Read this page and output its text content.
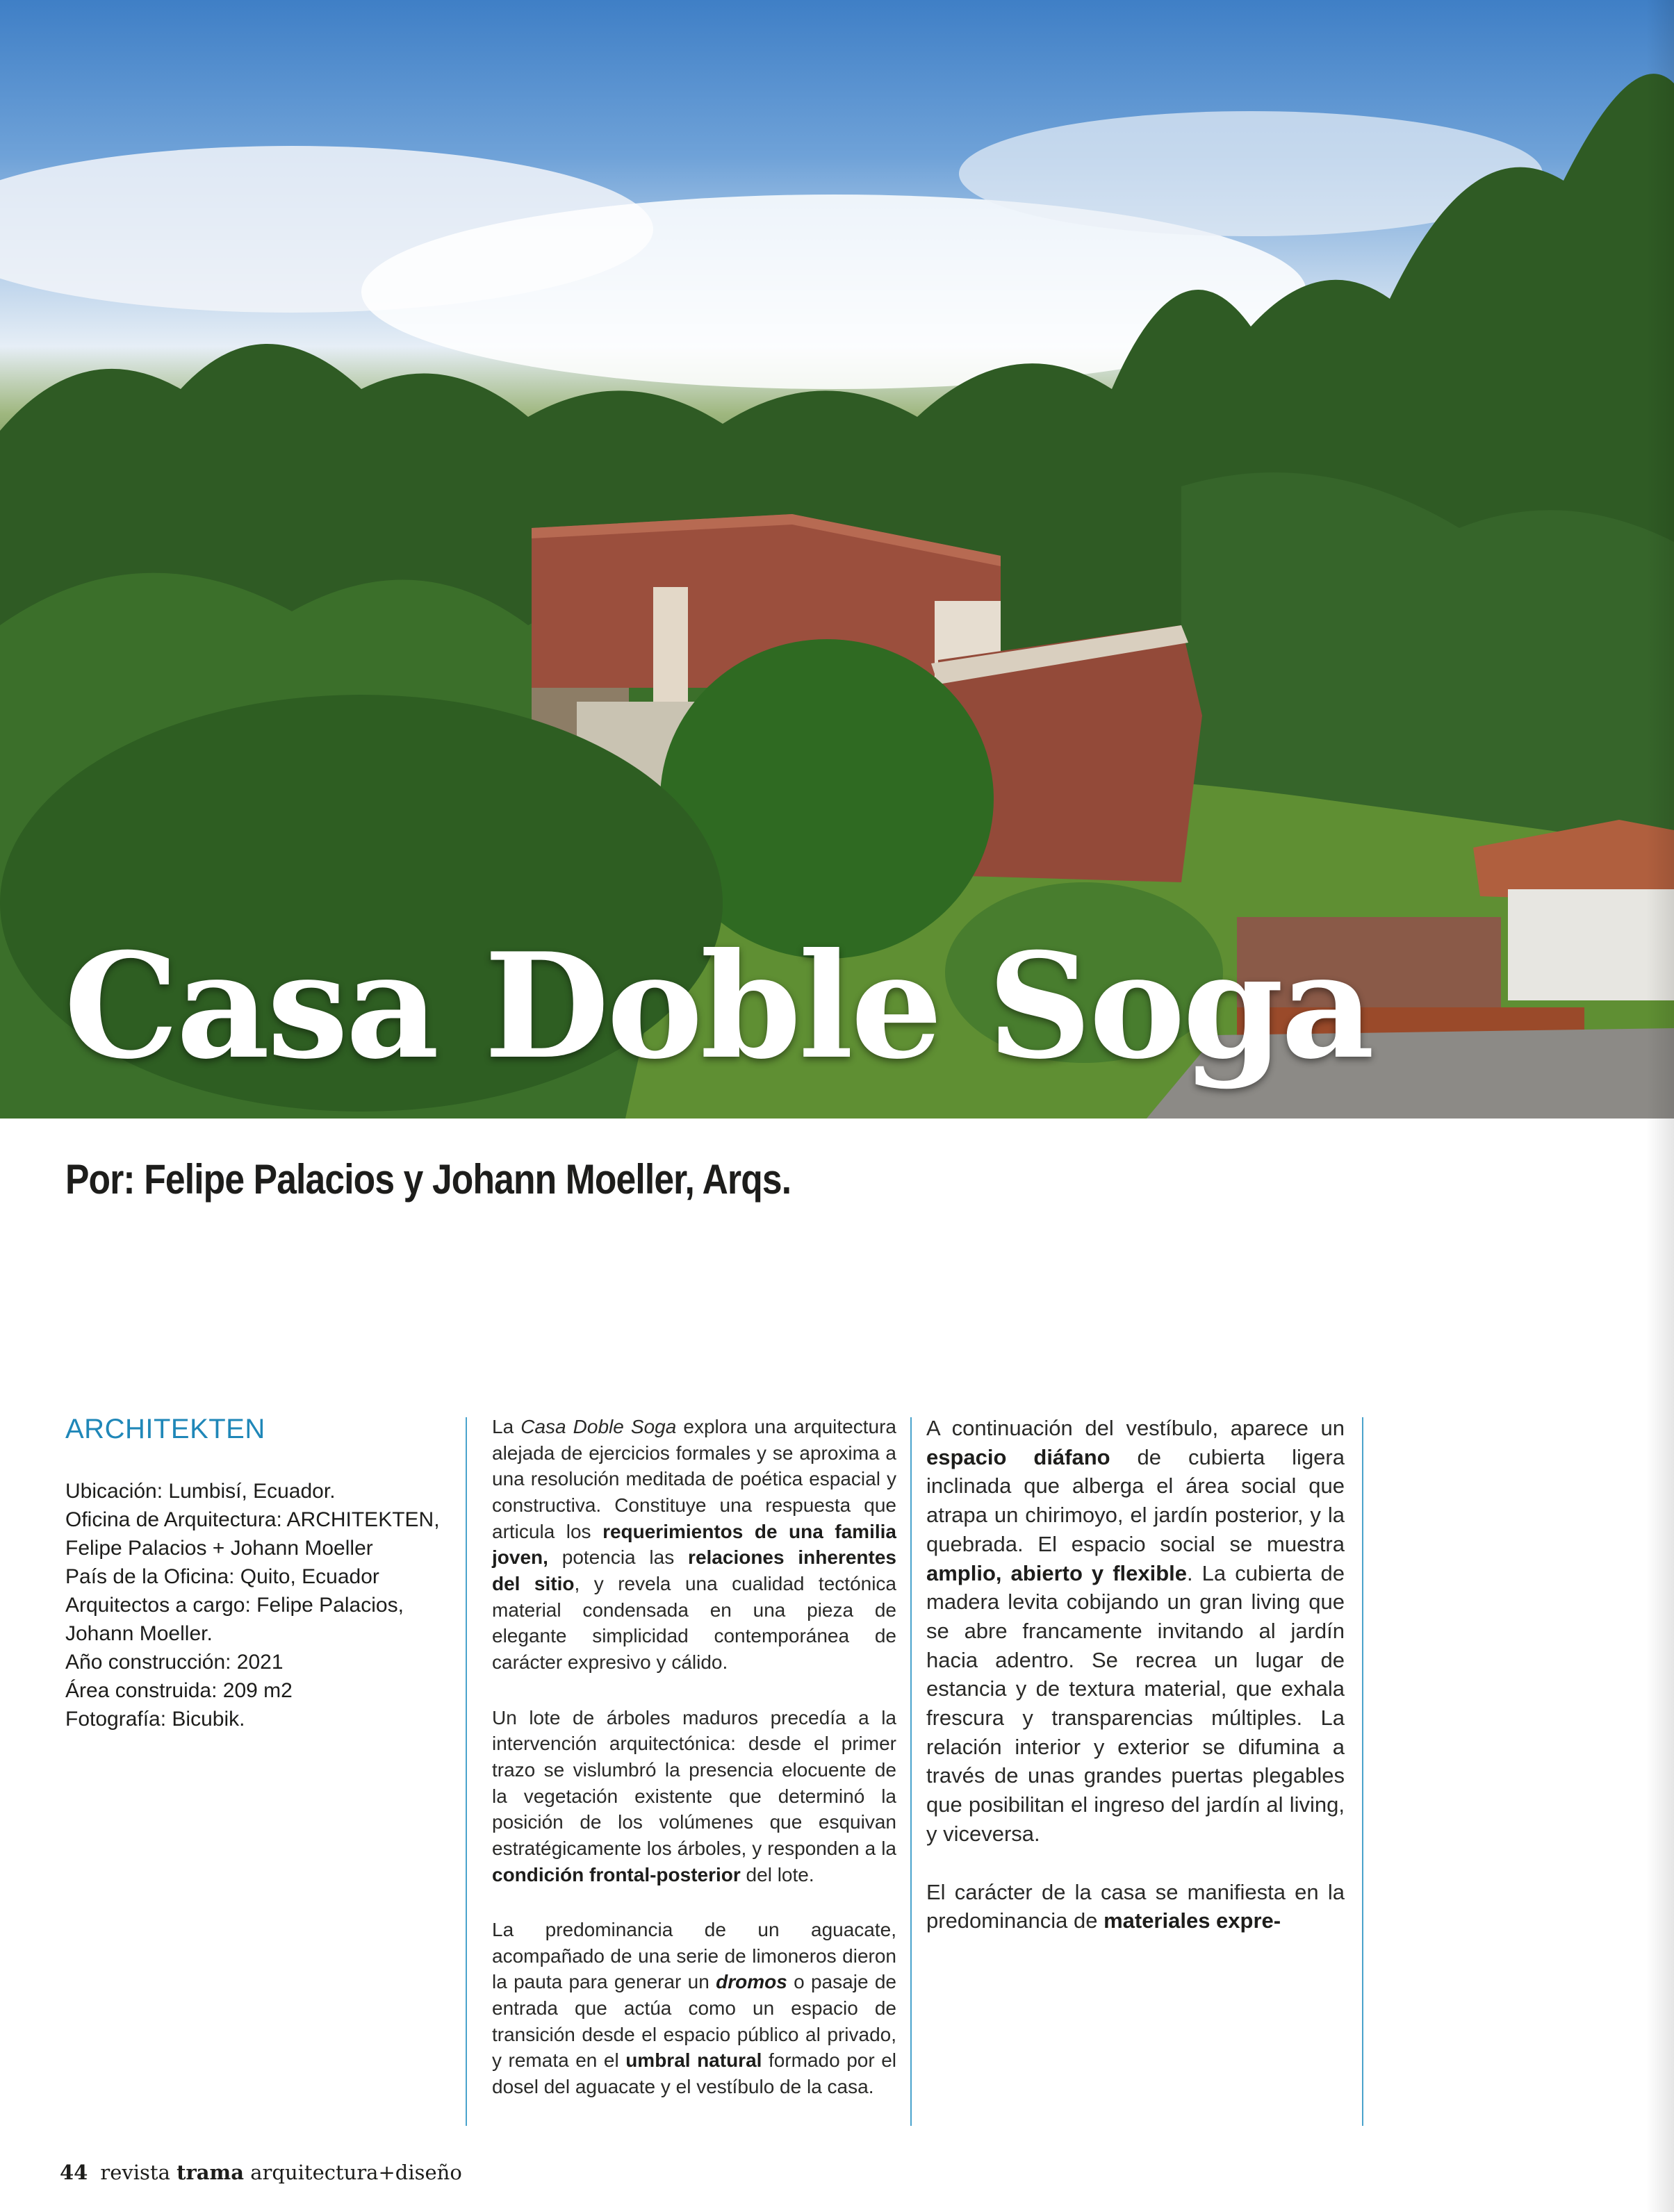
Casa Doble Soga
Por: Felipe Palacios y Johann Moeller, Arqs.
ARCHITEKTEN
Ubicación: Lumbisí, Ecuador.
Oficina de Arquitectura: ARCHITEKTEN,
Felipe Palacios + Johann Moeller
País de la Oficina: Quito, Ecuador
Arquitectos a cargo: Felipe Palacios,
Johann Moeller.
Año construcción: 2021
Área construida: 209 m2
Fotografía: Bicubik.

La Casa Doble Soga explora una arquitectura alejada de ejercicios formales y se aproxima a una resolución meditada de poética espacial y constructiva. Constituye una respuesta que articula los requerimientos de una familia joven, potencia las relaciones inherentes del sitio, y revela una cualidad tectónica material condensada en una pieza de elegante simplicidad contemporánea de carácter expresivo y cálido.

Un lote de árboles maduros precedía a la intervención arquitectónica: desde el primer trazo se vislumbró la presencia elocuente de la vegetación existente que determinó la posición de los volúmenes que esquivan estratégicamente los árboles, y responden a la condición frontal-posterior del lote.

La predominancia de un aguacate, acompañado de una serie de limoneros dieron la pauta para generar un dromos o pasaje de entrada que actúa como un espacio de transición desde el espacio público al privado, y remata en el umbral natural formado por el dosel del aguacate y el vestíbulo de la casa.

A continuación del vestíbulo, aparece un espacio diáfano de cubierta ligera inclinada que alberga el área social que atrapa un chirimoyo, el jardín posterior, y la quebrada. El espacio social se muestra amplio, abierto y flexible. La cubierta de madera levita cobijando un gran living que se abre francamente invitando al jardín hacia adentro. Se recrea un lugar de estancia y de textura material, que exhala frescura y transparencias múltiples. La relación interior y exterior se difumina a través de unas grandes puertas plegables que posibilitan el ingreso del jardín al living, y viceversa.

El carácter de la casa se manifiesta en la predominancia de materiales expre-

44 revista trama arquitectura+diseño
